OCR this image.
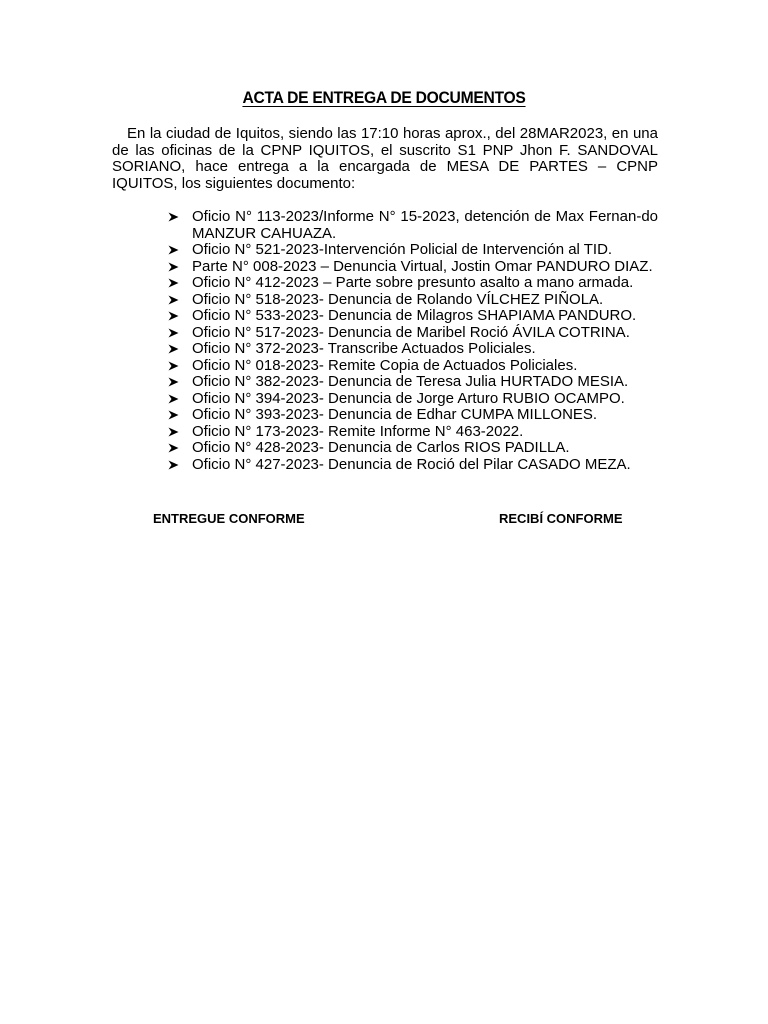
ACTA DE ENTREGA DE DOCUMENTOS
En la ciudad de Iquitos, siendo las 17:10 horas aprox., del 28MAR2023, en una de las oficinas de la CPNP IQUITOS, el suscrito S1 PNP Jhon F. SANDOVAL SORIANO, hace entrega a la encargada de MESA DE PARTES – CPNP IQUITOS, los siguientes documento:
Oficio N° 113-2023/Informe N° 15-2023, detención de Max Fernan-do MANZUR CAHUAZA.
Oficio N° 521-2023-Intervención Policial de Intervención al TID.
Parte N° 008-2023 – Denuncia Virtual, Jostin Omar PANDURO DIAZ.
Oficio N° 412-2023 – Parte sobre presunto asalto a mano armada.
Oficio N° 518-2023- Denuncia de Rolando VÍLCHEZ PIÑOLA.
Oficio N° 533-2023- Denuncia de Milagros SHAPIAMA PANDURO.
Oficio N° 517-2023- Denuncia de Maribel Roció ÁVILA COTRINA.
Oficio N° 372-2023- Transcribe Actuados Policiales.
Oficio N° 018-2023- Remite Copia de Actuados Policiales.
Oficio N° 382-2023- Denuncia de Teresa Julia HURTADO MESIA.
Oficio N° 394-2023- Denuncia de Jorge Arturo RUBIO OCAMPO.
Oficio N° 393-2023- Denuncia de Edhar CUMPA MILLONES.
Oficio N° 173-2023- Remite Informe N° 463-2022.
Oficio N° 428-2023- Denuncia de Carlos RIOS PADILLA.
Oficio N° 427-2023- Denuncia de Roció del Pilar CASADO MEZA.
ENTREGUE CONFORME	RECIBÍ CONFORME
